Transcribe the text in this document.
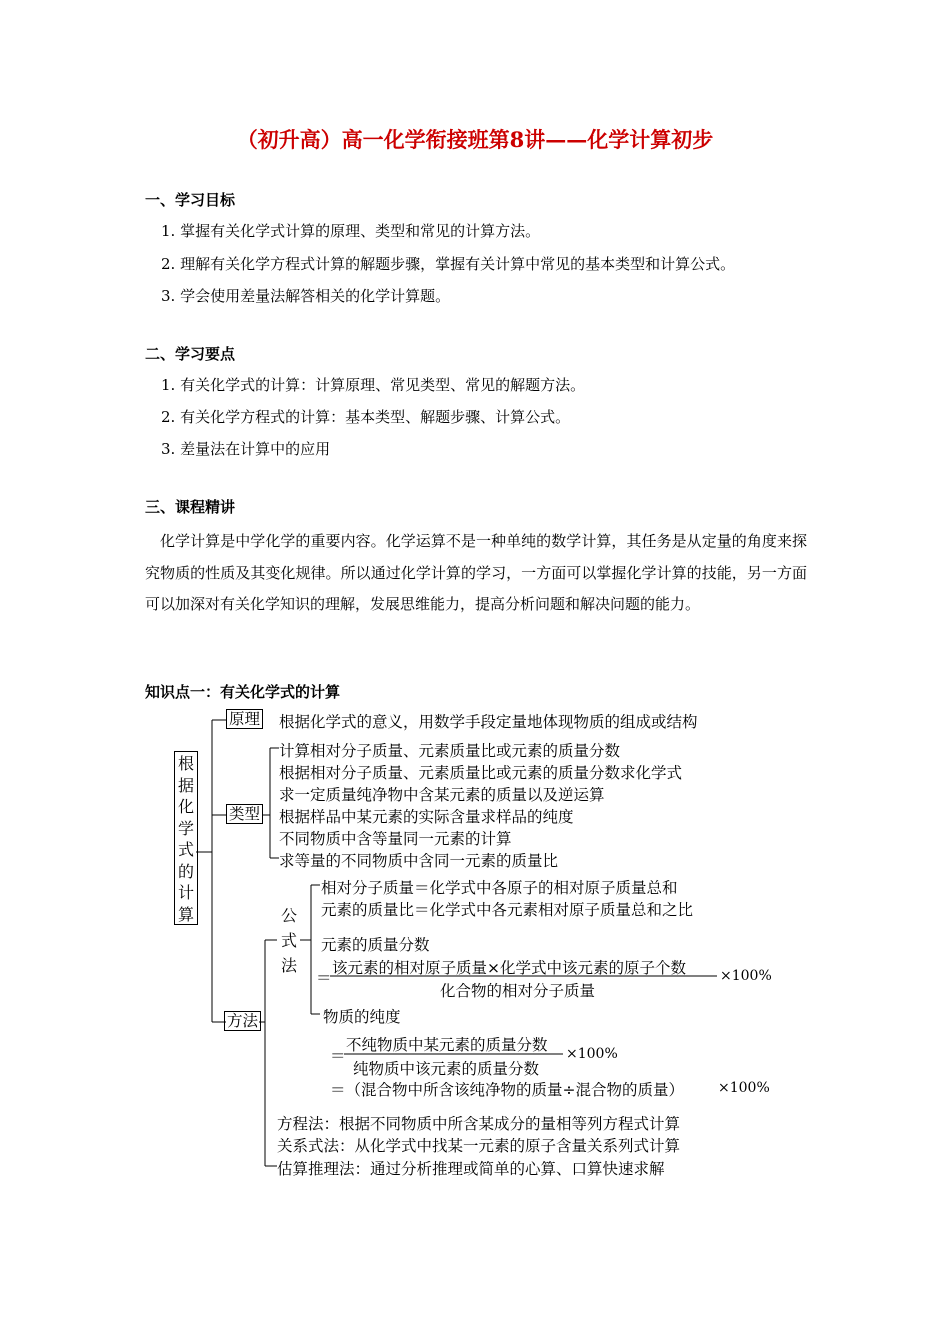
（初升高）高一化学衔接班第8讲——化学计算初步
一、学习目标
1. 掌握有关化学式计算的原理、类型和常见的计算方法。
2. 理解有关化学方程式计算的解题步骤，掌握有关计算中常见的基本类型和计算公式。
3. 学会使用差量法解答相关的化学计算题。
二、学习要点
1. 有关化学式的计算：计算原理、常见类型、常见的解题方法。
2. 有关化学方程式的计算：基本类型、解题步骤、计算公式。
3. 差量法在计算中的应用
三、课程精讲
化学计算是中学化学的重要内容。化学运算不是一种单纯的数学计算，其任务是从定量的角度来探究物质的性质及其变化规律。所以通过化学计算的学习，一方面可以掌握化学计算的技能，另一方面可以加深对有关化学知识的理解，发展思维能力，提高分析问题和解决问题的能力。
知识点一：有关化学式的计算
根据化学式的计算
原理 根据化学式的意义，用数学手段定量地体现物质的组成或结构
类型
计算相对分子质量、元素质量比或元素的质量分数
根据相对分子质量、元素质量比或元素的质量分数求化学式
求一定质量纯净物中含某元素的质量以及逆运算
根据样品中某元素的实际含量求样品的纯度
不同物质中含等量同一元素的计算
求等量的不同物质中含同一元素的质量比
方法
公式法
相对分子质量＝化学式中各原子的相对原子质量总和
元素的质量比＝化学式中各元素相对原子质量总和之比
元素的质量分数
＝
该元素的相对原子质量×化学式中该元素的原子个数
化合物的相对分子质量
×100%
物质的纯度
＝
不纯物质中某元素的质量分数
纯物质中该元素的质量分数
×100%
＝（混合物中所含该纯净物的质量÷混合物的质量） ×100%
方程法：根据不同物质中所含某成分的量相等列方程式计算
关系式法：从化学式中找某一元素的原子含量关系列式计算
估算推理法：通过分析推理或简单的心算、口算快速求解
